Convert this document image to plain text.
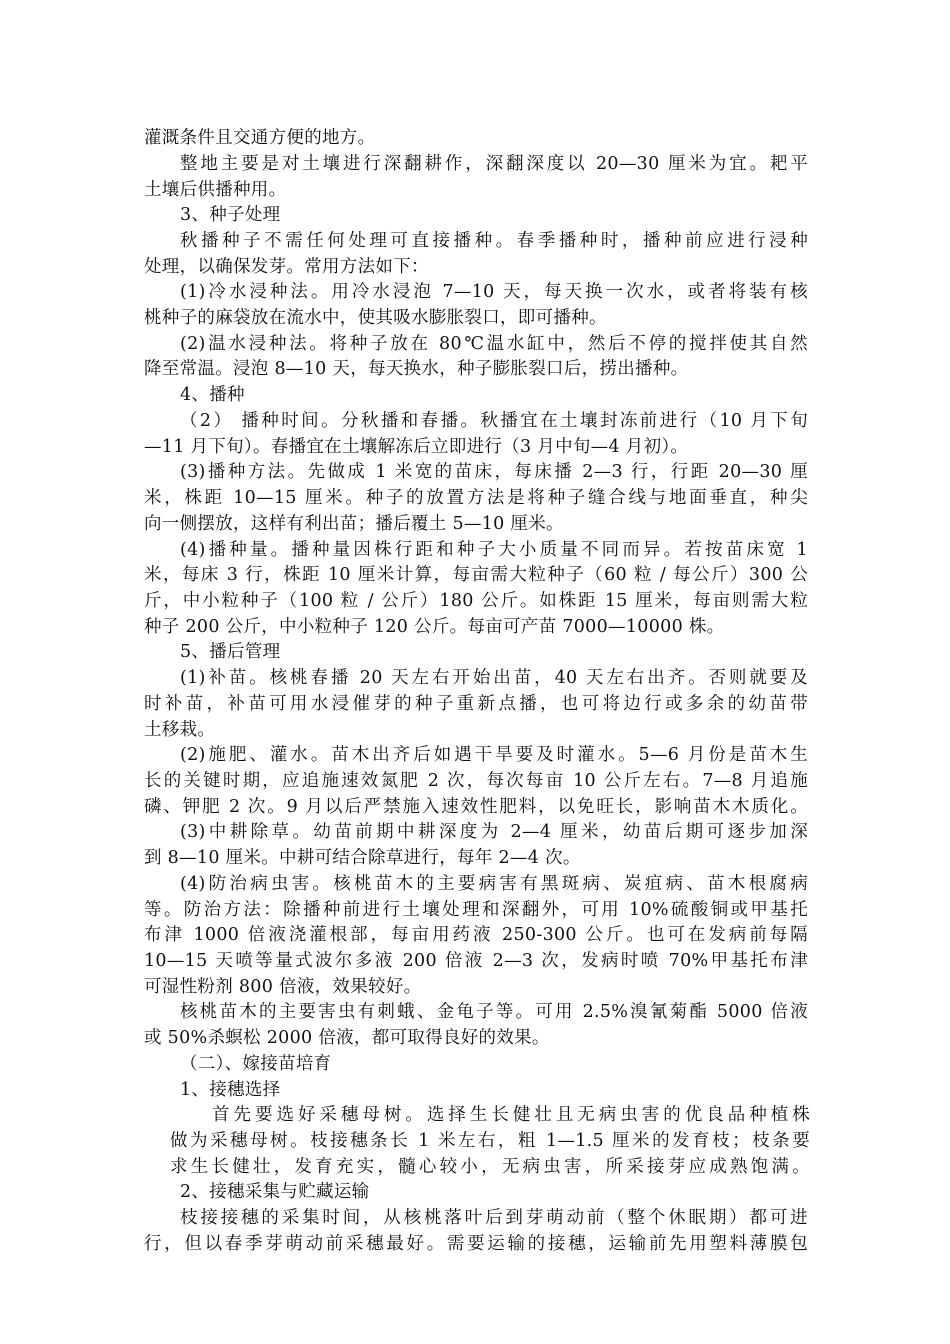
灌溉条件且交通方便的地方。
整地主要是对土壤进行深翻耕作，深翻深度以 20—30 厘米为宜。耙平
土壤后供播种用。
3、种子处理
秋播种子不需任何处理可直接播种。春季播种时，播种前应进行浸种
处理，以确保发芽。常用方法如下：
(1)冷水浸种法。用冷水浸泡 7—10 天，每天换一次水，或者将装有核
桃种子的麻袋放在流水中，使其吸水膨胀裂口，即可播种。
(2)温水浸种法。将种子放在 80℃温水缸中，然后不停的搅拌使其自然
降至常温。浸泡 8—10 天，每天换水，种子膨胀裂口后，捞出播种。
4、播种
（2） 播种时间。分秋播和春播。秋播宜在土壤封冻前进行（10 月下旬
—11 月下旬）。春播宜在土壤解冻后立即进行（3 月中旬—4 月初）。
(3)播种方法。先做成 1 米宽的苗床，每床播 2—3 行，行距 20—30 厘
米，株距 10—15 厘米。种子的放置方法是将种子缝合线与地面垂直，种尖
向一侧摆放，这样有利出苗；播后覆土 5—10 厘米。
(4)播种量。播种量因株行距和种子大小质量不同而异。若按苗床宽 1
米，每床 3 行，株距 10 厘米计算，每亩需大粒种子（60 粒 / 每公斤）300 公
斤，中小粒种子（100 粒 / 公斤）180 公斤。如株距 15 厘米，每亩则需大粒
种子 200 公斤，中小粒种子 120 公斤。每亩可产苗 7000—10000 株。
5、播后管理
(1)补苗。核桃春播 20 天左右开始出苗，40 天左右出齐。否则就要及
时补苗，补苗可用水浸催芽的种子重新点播，也可将边行或多余的幼苗带
土移栽。
(2)施肥、灌水。苗木出齐后如遇干旱要及时灌水。5—6 月份是苗木生
长的关键时期，应追施速效氮肥 2 次，每次每亩 10 公斤左右。7—8 月追施
磷、钾肥 2 次。9 月以后严禁施入速效性肥料，以免旺长，影响苗木木质化。
(3)中耕除草。幼苗前期中耕深度为 2—4 厘米，幼苗后期可逐步加深
到 8—10 厘米。中耕可结合除草进行，每年 2—4 次。
(4)防治病虫害。核桃苗木的主要病害有黑斑病、炭疽病、苗木根腐病
等。防治方法：除播种前进行土壤处理和深翻外，可用 10%硫酸铜或甲基托
布津 1000 倍液浇灌根部，每亩用药液 250-300 公斤。也可在发病前每隔
10—15 天喷等量式波尔多液 200 倍液 2—3 次，发病时喷 70%甲基托布津
可湿性粉剂 800 倍液，效果较好。
核桃苗木的主要害虫有刺蛾、金龟子等。可用 2.5%溴氰菊酯 5000 倍液
或 50%杀螟松 2000 倍液，都可取得良好的效果。
（二）、嫁接苗培育
1、接穗选择
首先要选好采穗母树。选择生长健壮且无病虫害的优良品种植株
做为采穗母树。枝接穗条长 1 米左右，粗 1—1.5 厘米的发育枝；枝条要
求生长健壮，发育充实，髓心较小，无病虫害，所采接芽应成熟饱满。
2、接穗采集与贮藏运输
枝接接穗的采集时间，从核桃落叶后到芽萌动前（整个休眠期）都可进
行，但以春季芽萌动前采穗最好。需要运输的接穗，运输前先用塑料薄膜包
